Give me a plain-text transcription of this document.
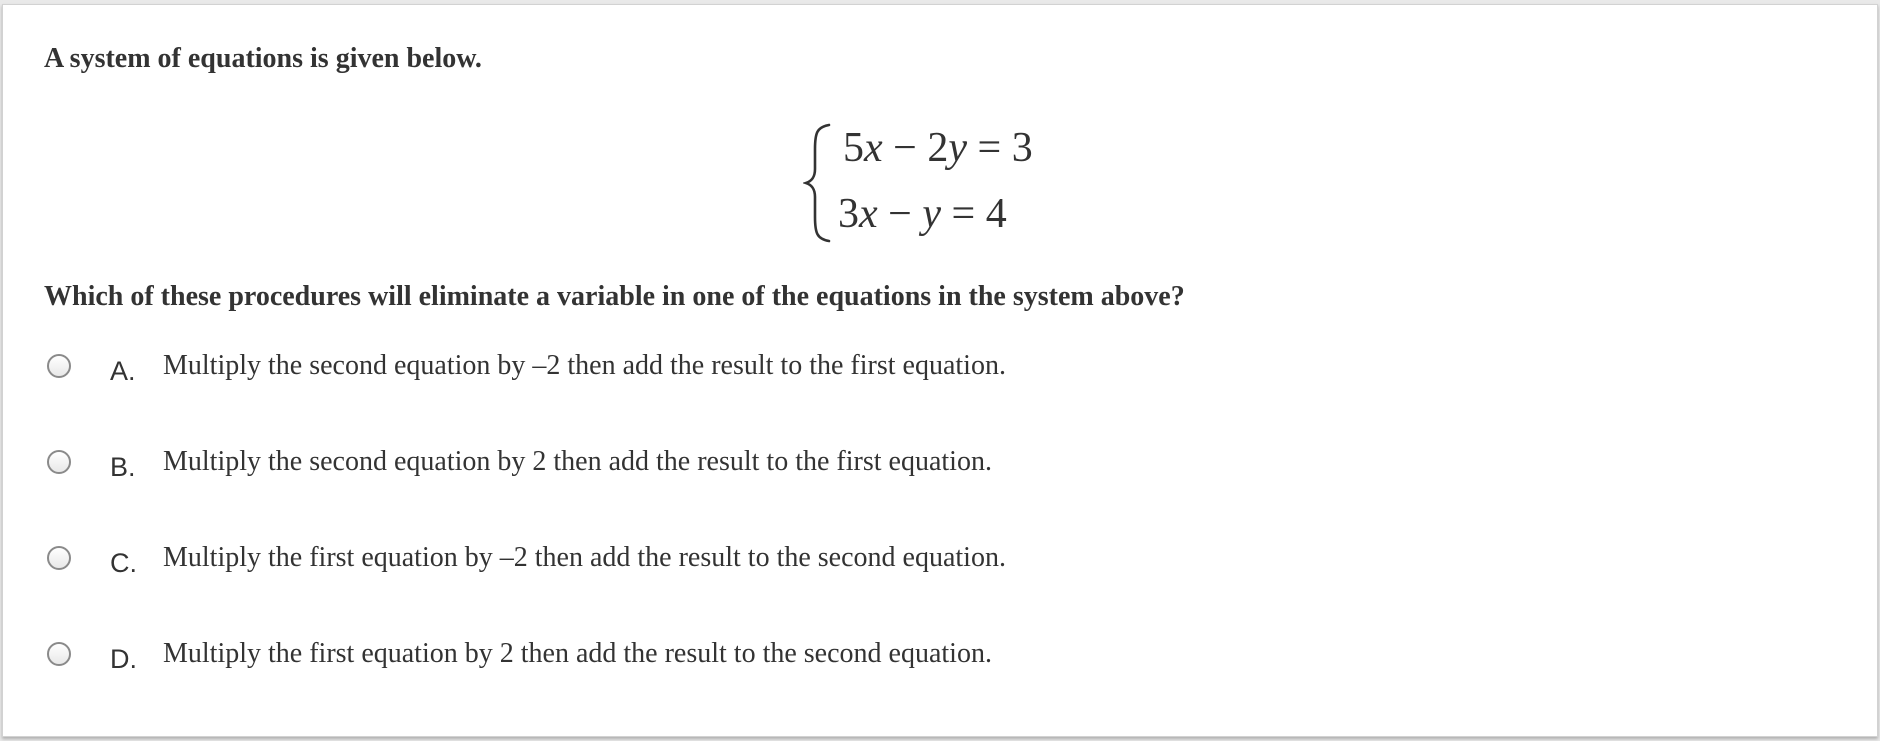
A system of equations is given below.
5x − 2y = 3
3x − y = 4
Which of these procedures will eliminate a variable in one of the equations in the system above?
A. Multiply the second equation by –2 then add the result to the first equation.
B. Multiply the second equation by 2 then add the result to the first equation.
C. Multiply the first equation by –2 then add the result to the second equation.
D. Multiply the first equation by 2 then add the result to the second equation.
